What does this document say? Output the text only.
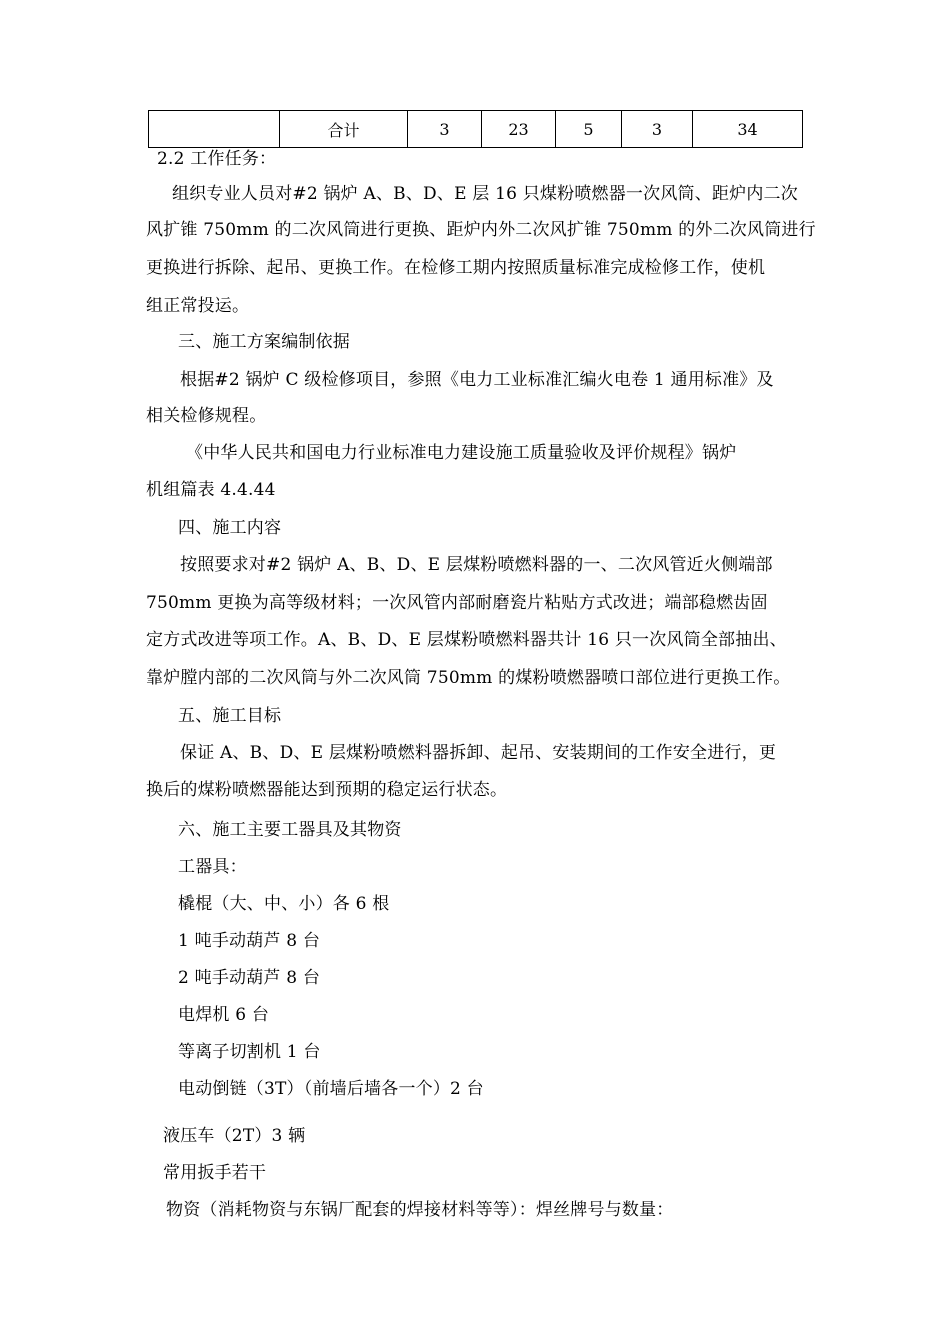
	合计	3	23	5	3	34
2.2 工作任务：
组织专业人员对#2 锅炉 A、B、D、E 层 16 只煤粉喷燃器一次风筒、距炉内二次
风扩锥 750mm 的二次风筒进行更换、距炉内外二次风扩锥 750mm 的外二次风筒进行
更换进行拆除、起吊、更换工作。在检修工期内按照质量标准完成检修工作，使机
组正常投运。
三、施工方案编制依据
根据#2 锅炉 C 级检修项目，参照《电力工业标准汇编火电卷 1 通用标准》及
相关检修规程。
《中华人民共和国电力行业标准电力建设施工质量验收及评价规程》锅炉
机组篇表 4.4.44
四、施工内容
按照要求对#2 锅炉 A、B、D、E 层煤粉喷燃料器的一、二次风管近火侧端部
750mm 更换为高等级材料；一次风管内部耐磨瓷片粘贴方式改进；端部稳燃齿固
定方式改进等项工作。A、B、D、E 层煤粉喷燃料器共计 16 只一次风筒全部抽出、
靠炉膛内部的二次风筒与外二次风筒 750mm 的煤粉喷燃器喷口部位进行更换工作。
五、施工目标
保证 A、B、D、E 层煤粉喷燃料器拆卸、起吊、安装期间的工作安全进行，更
换后的煤粉喷燃器能达到预期的稳定运行状态。
六、施工主要工器具及其物资
工器具：
橇棍（大、中、小）各 6 根
1 吨手动葫芦 8 台
2 吨手动葫芦 8 台
电焊机 6 台
等离子切割机 1 台
电动倒链（3T）（前墙后墙各一个）2 台
液压车（2T）3 辆
常用扳手若干
物资（消耗物资与东锅厂配套的焊接材料等等）：焊丝牌号与数量：
